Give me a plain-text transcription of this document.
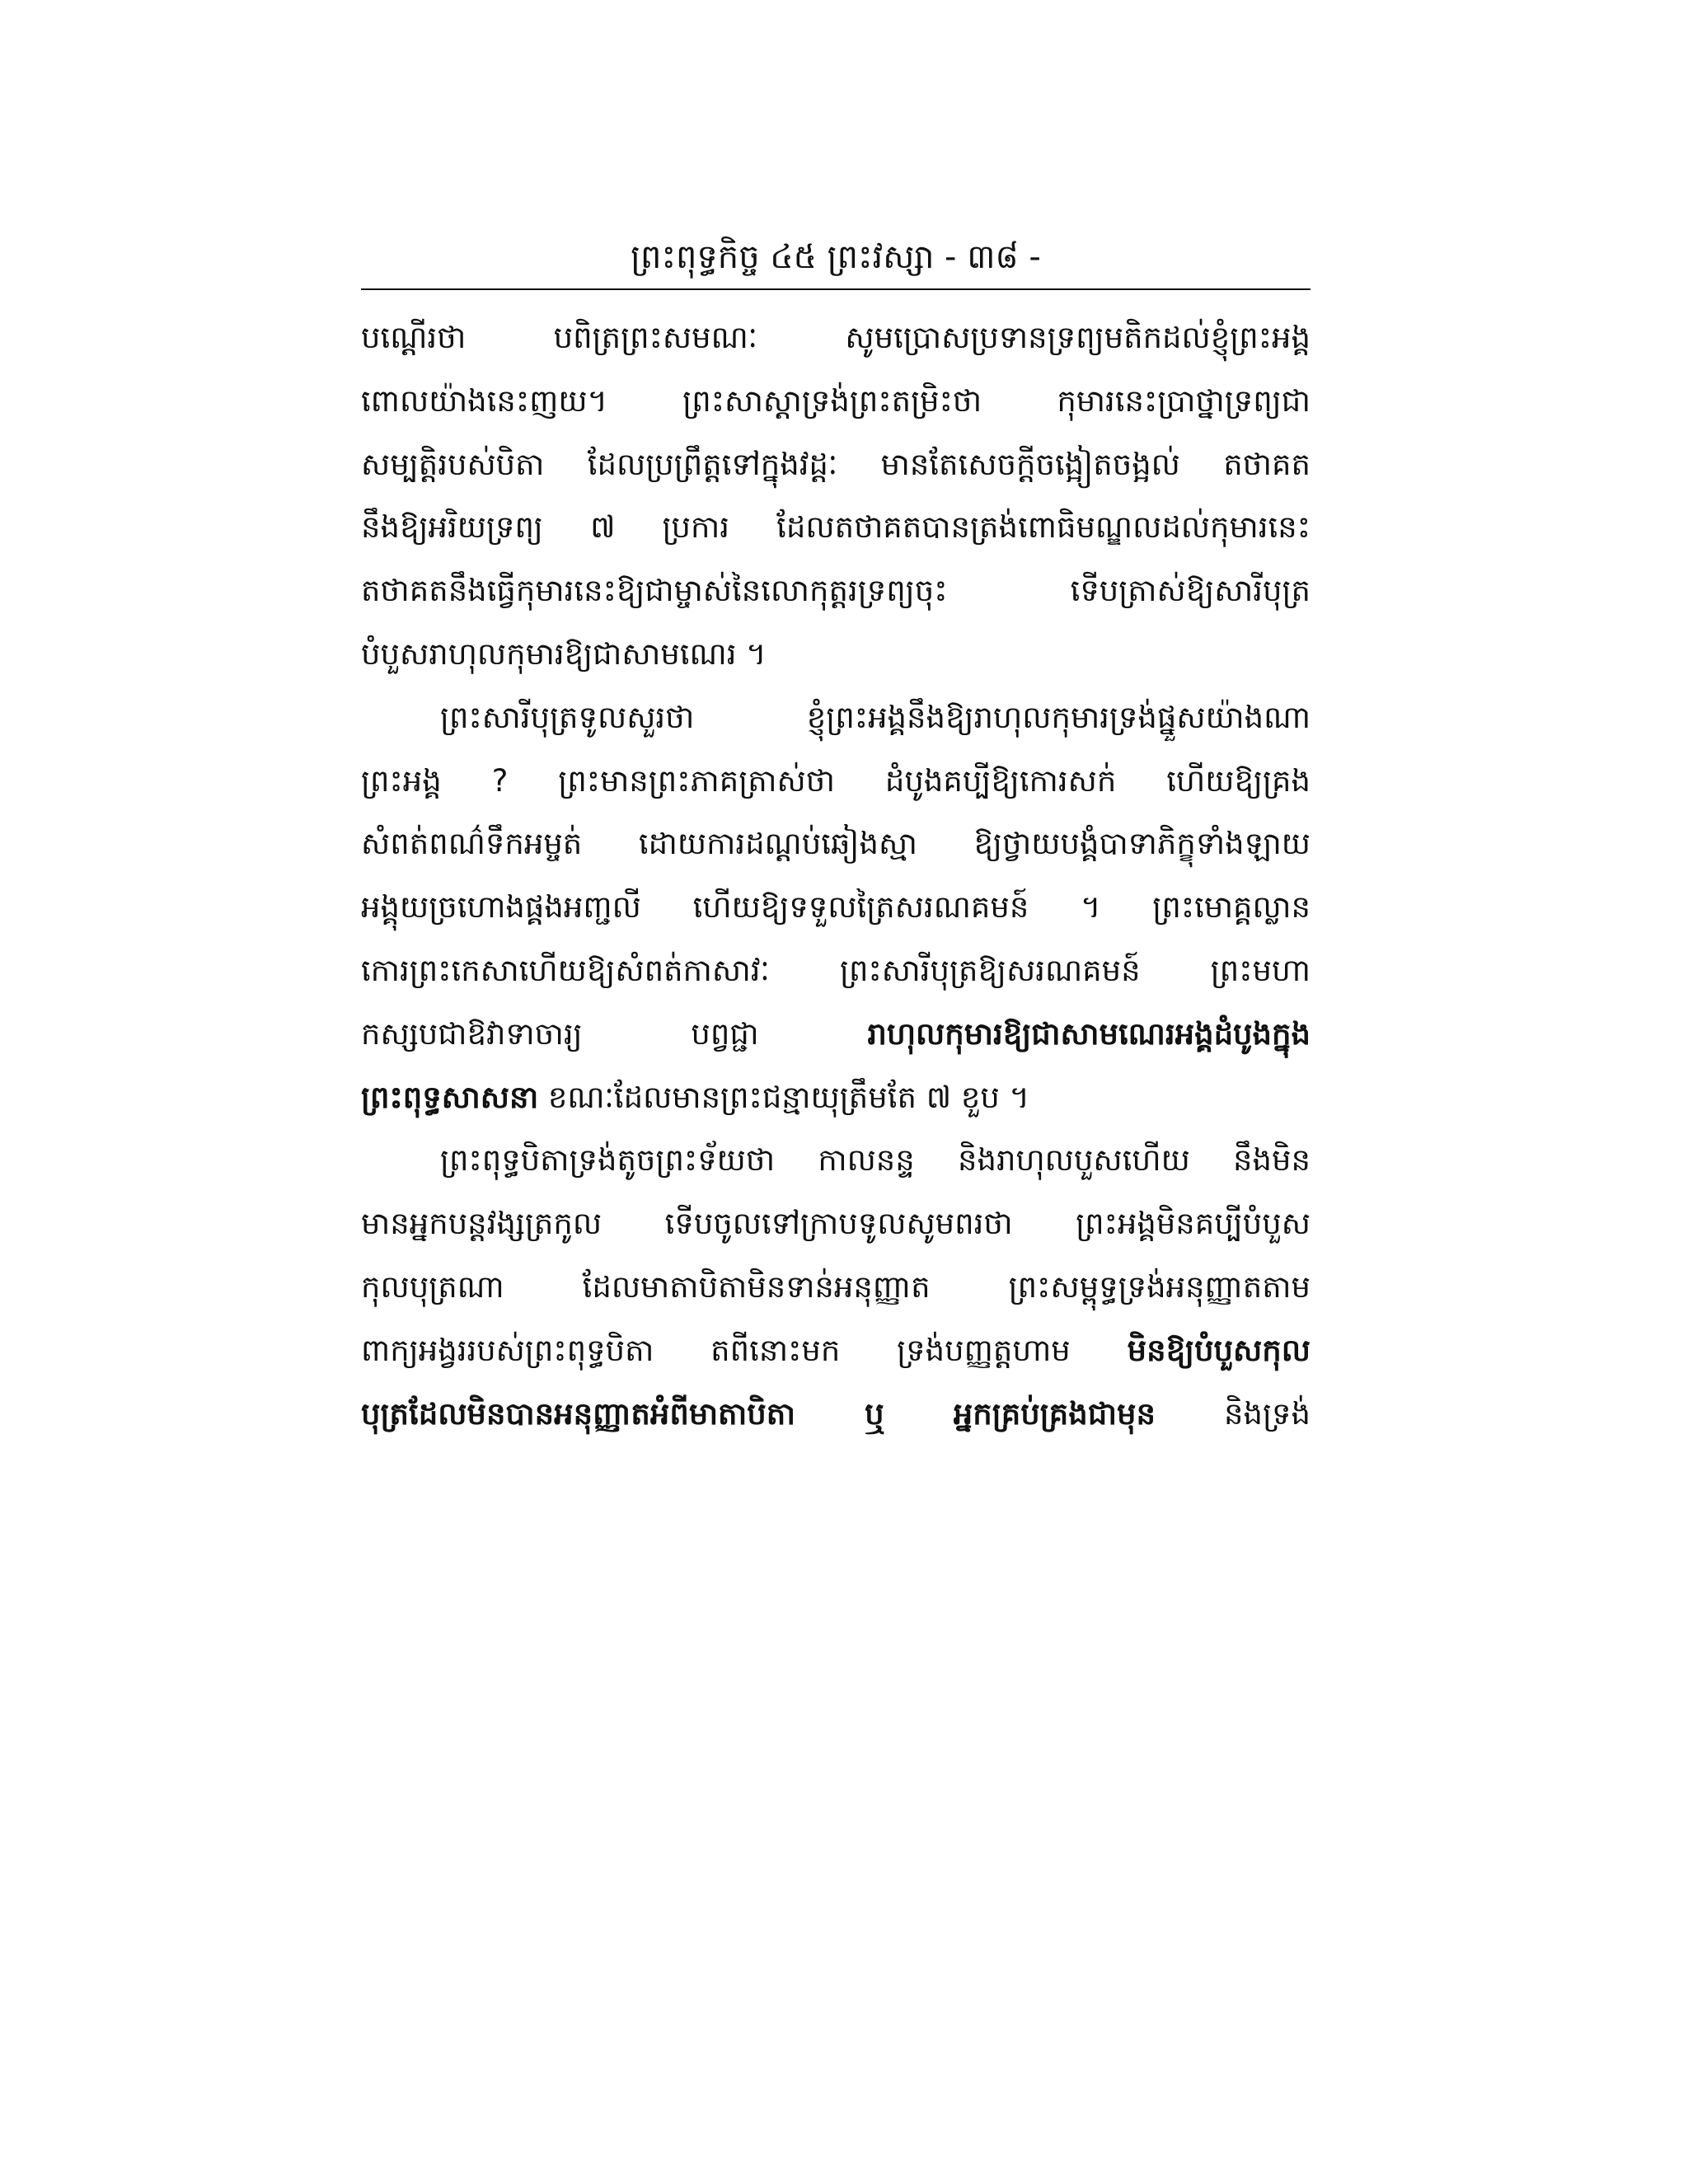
ព្រះពុទ្ធកិច្ច ៤៥ ព្រះវស្សា - ៣៨ -
បណ្ដើរថា បពិត្រព្រះសមណៈ សូមប្រោសប្រទានទ្រព្យមតិកដល់ខ្ញុំព្រះអង្គ
ពោលយ៉ាងនេះញយ។ ព្រះសាស្ដាទ្រង់ព្រះតម្រិះថា កុមារនេះប្រាថ្នាទ្រព្យជា
សម្បត្តិរបស់បិតា ដែលប្រព្រឹត្តទៅក្នុងវដ្ដៈ មានតែសេចក្ដីចង្អៀតចង្អល់ តថាគត
នឹងឱ្យអរិយទ្រព្យ ៧ ប្រការ ដែលតថាគតបានត្រង់ពោធិមណ្ឌលដល់កុមារនេះ
តថាគតនឹងធ្វើកុមារនេះឱ្យជាម្ចាស់នៃលោកុត្តរទ្រព្យចុះ ទើបត្រាស់ឱ្យសារីបុត្រ
បំបួសរាហុលកុមារឱ្យជាសាមណេរ ។
ព្រះសារីបុត្រទូលសួរថា ខ្ញុំព្រះអង្គនឹងឱ្យរាហុលកុមារទ្រង់ផ្នួសយ៉ាងណា
ព្រះអង្គ ? ព្រះមានព្រះភាគត្រាស់ថា ដំបូងគប្បីឱ្យកោរសក់ ហើយឱ្យគ្រង
សំពត់ពណ៌ទឹកអម្ចត់ ដោយការដណ្ដប់ឆៀងស្មា ឱ្យថ្វាយបង្គំបាទាភិក្ខុទាំងឡាយ
អង្គុយច្រហោងផ្គងអញ្ជលី ហើយឱ្យទទួលត្រៃសរណគមន៍ ។ ព្រះមោគ្គល្លាន
កោរព្រះកេសាហើយឱ្យសំពត់កាសាវៈ ព្រះសារីបុត្រឱ្យសរណគមន៍ ព្រះមហា
កស្សបជាឱវាទាចារ្យ បព្វជ្ជា រាហុលកុមារឱ្យជាសាមណេរអង្គដំបូងក្នុង
ព្រះពុទ្ធសាសនា ខណៈដែលមានព្រះជន្មាយុត្រឹមតែ ៧ ខួប ។
ព្រះពុទ្ធបិតាទ្រង់តូចព្រះទ័យថា កាលនន្ទ និងរាហុលបួសហើយ នឹងមិន
មានអ្នកបន្តវង្សត្រកូល ទើបចូលទៅក្រាបទូលសូមពរថា ព្រះអង្គមិនគប្បីបំបួស
កុលបុត្រណា ដែលមាតាបិតាមិនទាន់អនុញ្ញាត ព្រះសម្ពុទ្ធទ្រង់អនុញ្ញាតតាម
ពាក្យអង្វររបស់ព្រះពុទ្ធបិតា តពីនោះមក ទ្រង់បញ្ញត្តហាម មិនឱ្យបំបួសកុល
បុត្រដែលមិនបានអនុញ្ញាតអំពីមាតាបិតា ឬ អ្នកគ្រប់គ្រងជាមុន និងទ្រង់
